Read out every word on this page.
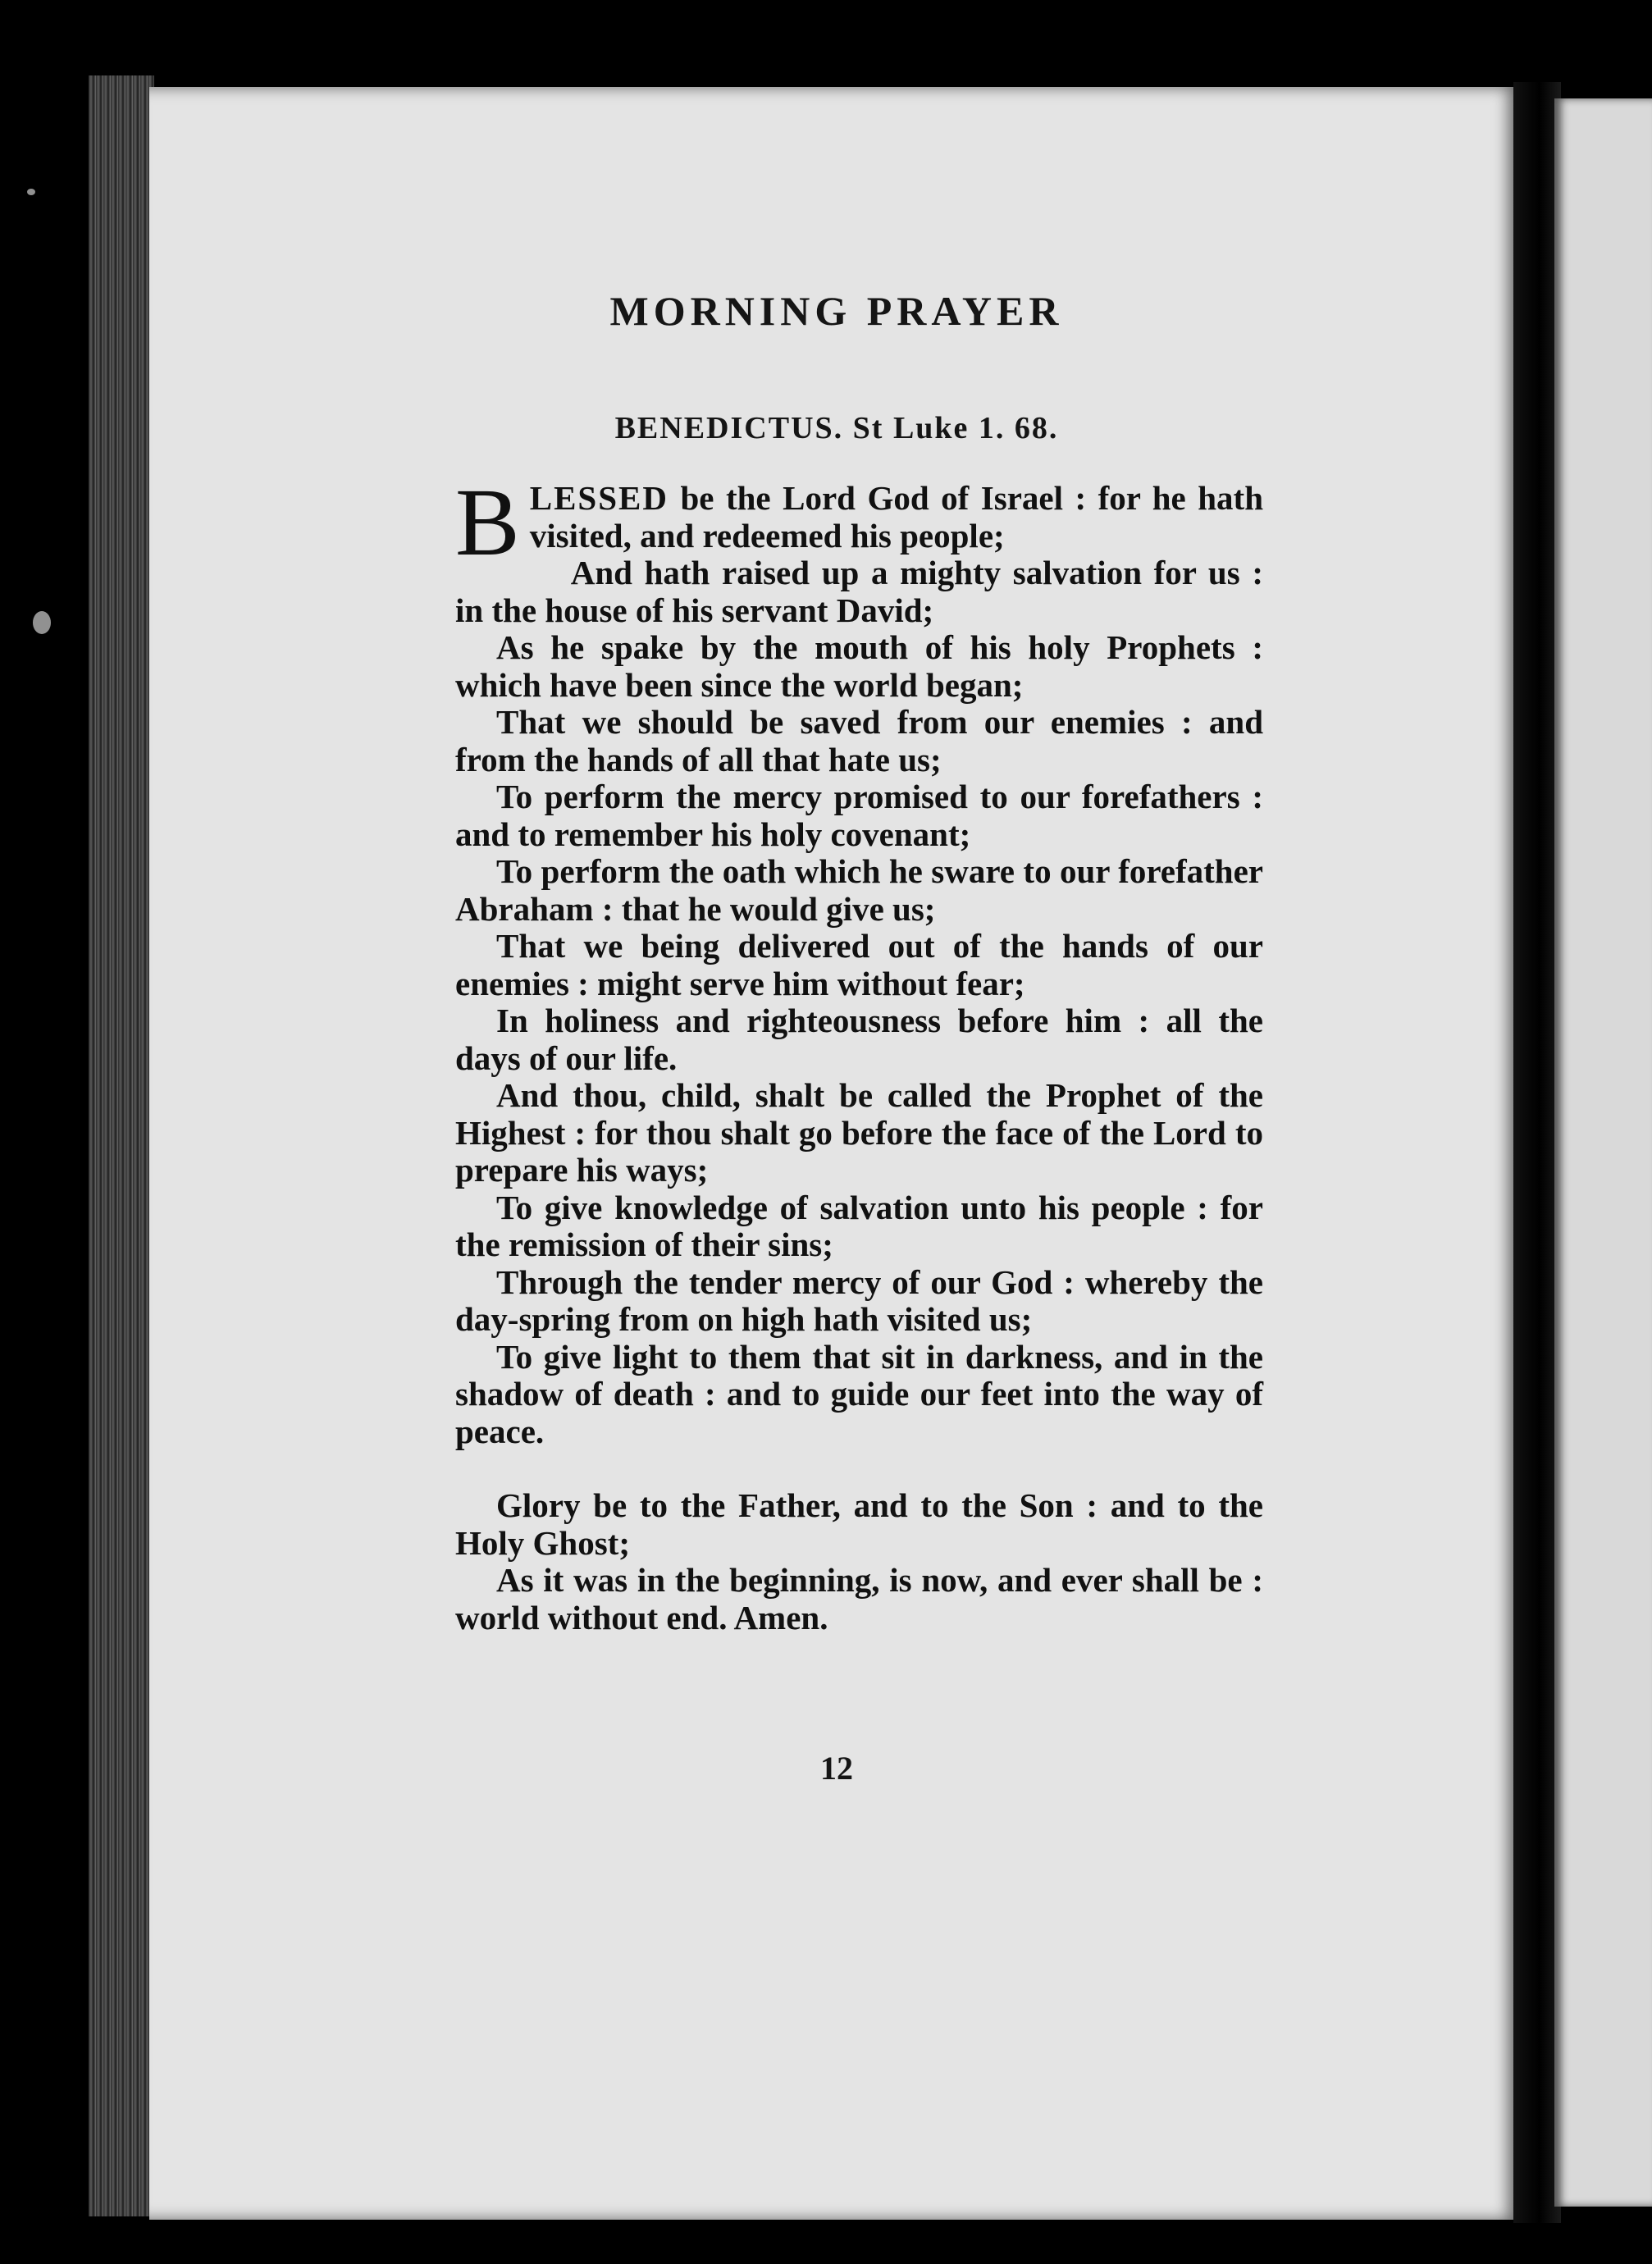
MORNING PRAYER
BENEDICTUS. St Luke 1. 68.

B LESSED be the Lord God of Israel : for he hath visited, and redeemed his people;

And hath raised up a mighty salvation for us : in the house of his servant David;

As he spake by the mouth of his holy Prophets : which have been since the world began;

That we should be saved from our enemies : and from the hands of all that hate us;

To perform the mercy promised to our forefathers : and to remember his holy covenant;

To perform the oath which he sware to our forefather Abraham : that he would give us;

That we being delivered out of the hands of our enemies : might serve him without fear;

In holiness and righteousness before him : all the days of our life.

And thou, child, shalt be called the Prophet of the Highest : for thou shalt go before the face of the Lord to prepare his ways;

To give knowledge of salvation unto his people : for the remission of their sins;

Through the tender mercy of our God : whereby the day-spring from on high hath visited us;

To give light to them that sit in darkness, and in the shadow of death : and to guide our feet into the way of peace.

Glory be to the Father, and to the Son : and to the Holy Ghost;

As it was in the beginning, is now, and ever shall be : world without end. Amen.

12
